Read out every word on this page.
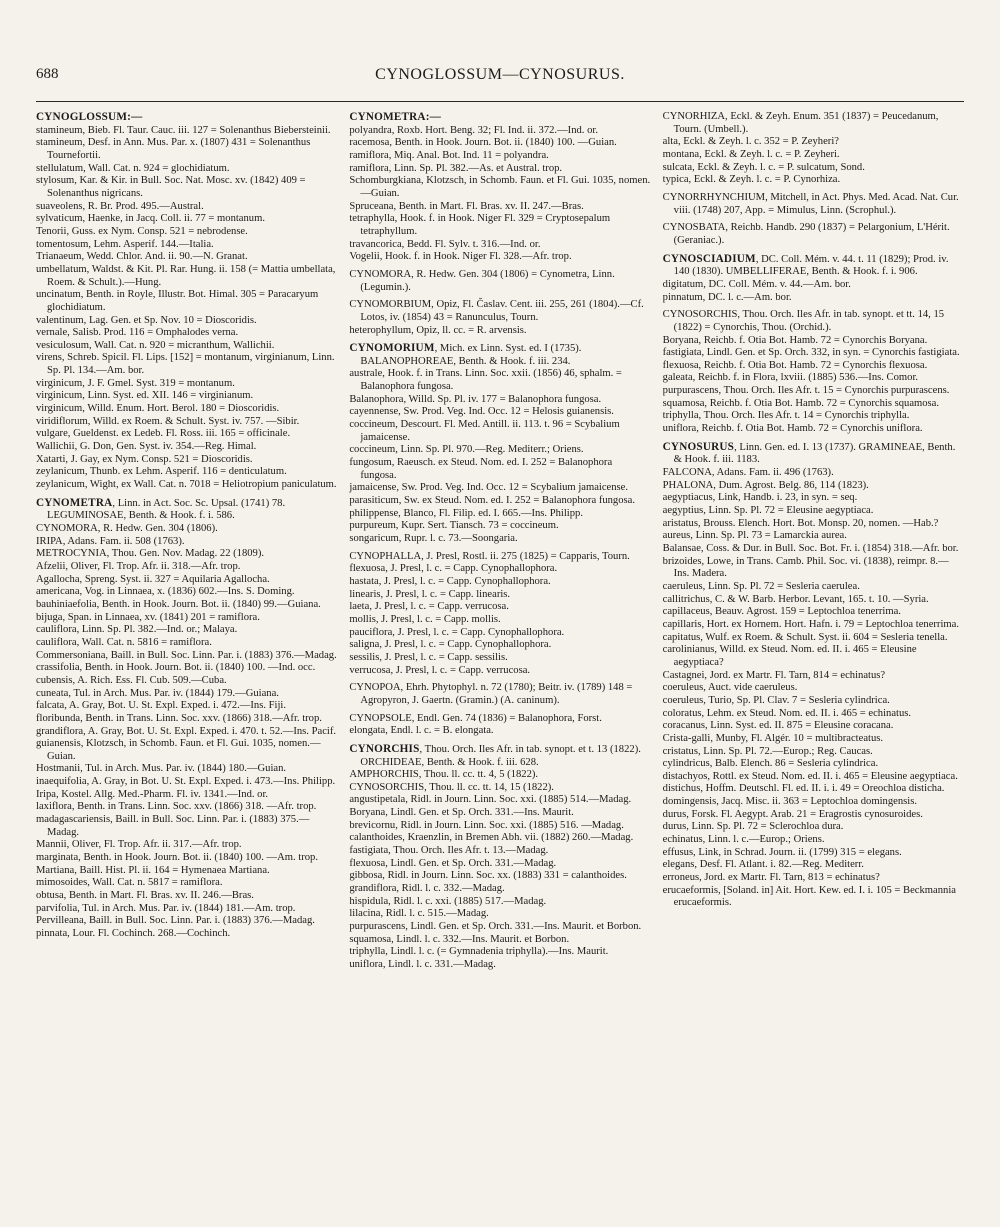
688	CYNOGLOSSUM—CYNOSURUS.

CYNOGLOSSUM:—

stamineum, Bieb. Fl. Taur. Cauc. iii. 127 = Solenanthus Biebersteinii.

stamineum, Desf. in Ann. Mus. Par. x. (1807) 431 = Solenanthus Tournefortii.

stellulatum, Wall. Cat. n. 924 = glochidiatum.

stylosum, Kar. & Kir. in Bull. Soc. Nat. Mosc. xv. (1842) 409 = Solenanthus nigricans.

suaveolens, R. Br. Prod. 495.—Austral.

sylvaticum, Haenke, in Jacq. Coll. ii. 77 = montanum.

Tenorii, Guss. ex Nym. Consp. 521 = nebrodense.

tomentosum, Lehm. Asperif. 144.—Italia.

Trianaeum, Wedd. Chlor. And. ii. 90.—N. Granat.

umbellatum, Waldst. & Kit. Pl. Rar. Hung. ii. 158 (= Mattia umbellata, Roem. & Schult.).—Hung.

uncinatum, Benth. in Royle, Illustr. Bot. Himal. 305 = Paracaryum glochidiatum.

valentinum, Lag. Gen. et Sp. Nov. 10 = Dioscoridis.

vernale, Salisb. Prod. 116 = Omphalodes verna.

vesiculosum, Wall. Cat. n. 920 = micranthum, Wallichii.

virens, Schreb. Spicil. Fl. Lips. [152] = montanum, virginianum, Linn. Sp. Pl. 134.—Am. bor.

virginicum, J. F. Gmel. Syst. 319 = montanum.

virginicum, Linn. Syst. ed. XII. 146 = virginianum.

virginicum, Willd. Enum. Hort. Berol. 180 = Dioscoridis.

viridiflorum, Willd. ex Roem. & Schult. Syst. iv. 757. —Sibir.

vulgare, Gueldenst. ex Ledeb. Fl. Ross. iii. 165 = officinale.

Wallichii, G. Don, Gen. Syst. iv. 354.—Reg. Himal.

Xatarti, J. Gay, ex Nym. Consp. 521 = Dioscoridis.

zeylanicum, Thunb. ex Lehm. Asperif. 116 = denticulatum.

zeylanicum, Wight, ex Wall. Cat. n. 7018 = Heliotropium paniculatum.

CYNOMETRA, Linn. in Act. Soc. Sc. Upsal. (1741) 78. LEGUMINOSAE, Benth. & Hook. f. i. 586.

CYNOMORA, R. Hedw. Gen. 304 (1806).

IRIPA, Adans. Fam. ii. 508 (1763).

METROCYNIA, Thou. Gen. Nov. Madag. 22 (1809).

Afzelii, Oliver, Fl. Trop. Afr. ii. 318.—Afr. trop.

Agallocha, Spreng. Syst. ii. 327 = Aquilaria Agallocha.

americana, Vog. in Linnaea, x. (1836) 602.—Ins. S. Doming.

bauhiniaefolia, Benth. in Hook. Journ. Bot. ii. (1840) 99.—Guiana.

bijuga, Span. in Linnaea, xv. (1841) 201 = ramiflora.

cauliflora, Linn. Sp. Pl. 382.—Ind. or.; Malaya.

cauliflora, Wall. Cat. n. 5816 = ramiflora.

Commersoniana, Baill. in Bull. Soc. Linn. Par. i. (1883) 376.—Madag.

crassifolia, Benth. in Hook. Journ. Bot. ii. (1840) 100. —Ind. occ.

cubensis, A. Rich. Ess. Fl. Cub. 509.—Cuba.

cuneata, Tul. in Arch. Mus. Par. iv. (1844) 179.—Guiana.

falcata, A. Gray, Bot. U. St. Expl. Exped. i. 472.—Ins. Fiji.

floribunda, Benth. in Trans. Linn. Soc. xxv. (1866) 318.—Afr. trop.

grandiflora, A. Gray, Bot. U. St. Expl. Exped. i. 470. t. 52.—Ins. Pacif.

guianensis, Klotzsch, in Schomb. Faun. et Fl. Gui. 1035, nomen.—Guian.

Hostmanii, Tul. in Arch. Mus. Par. iv. (1844) 180.—Guian.

inaequifolia, A. Gray, in Bot. U. St. Expl. Exped. i. 473.—Ins. Philipp.

Iripa, Kostel. Allg. Med.-Pharm. Fl. iv. 1341.—Ind. or.

laxiflora, Benth. in Trans. Linn. Soc. xxv. (1866) 318. —Afr. trop.

madagascariensis, Baill. in Bull. Soc. Linn. Par. i. (1883) 375.—Madag.

Mannii, Oliver, Fl. Trop. Afr. ii. 317.—Afr. trop.

marginata, Benth. in Hook. Journ. Bot. ii. (1840) 100. —Am. trop.

Martiana, Baill. Hist. Pl. ii. 164 = Hymenaea Martiana.

mimosoides, Wall. Cat. n. 5817 = ramiflora.

obtusa, Benth. in Mart. Fl. Bras. xv. II. 246.—Bras.

parvifolia, Tul. in Arch. Mus. Par. iv. (1844) 181.—Am. trop.

Pervilleana, Baill. in Bull. Soc. Linn. Par. i. (1883) 376.—Madag.

pinnata, Lour. Fl. Cochinch. 268.—Cochinch.

CYNOMETRA:—

polyandra, Roxb. Hort. Beng. 32; Fl. Ind. ii. 372.—Ind. or.

racemosa, Benth. in Hook. Journ. Bot. ii. (1840) 100. —Guian.

ramiflora, Miq. Anal. Bot. Ind. 11 = polyandra.

ramiflora, Linn. Sp. Pl. 382.—As. et Austral. trop.

Schomburgkiana, Klotzsch, in Schomb. Faun. et Fl. Gui. 1035, nomen.—Guian.

Spruceana, Benth. in Mart. Fl. Bras. xv. II. 247.—Bras.

tetraphylla, Hook. f. in Hook. Niger Fl. 329 = Cryptosepalum tetraphyllum.

travancorica, Bedd. Fl. Sylv. t. 316.—Ind. or.

Vogelii, Hook. f. in Hook. Niger Fl. 328.—Afr. trop.

CYNOMORA, R. Hedw. Gen. 304 (1806) = Cynometra, Linn. (Legumin.).

CYNOMORBIUM, Opiz, Fl. Časlav. Cent. iii. 255, 261 (1804).—Cf. Lotos, iv. (1854) 43 = Ranunculus, Tourn.

heterophyllum, Opiz, ll. cc. = R. arvensis.

CYNOMORIUM, Mich. ex Linn. Syst. ed. I (1735). BALANOPHOREAE, Benth. & Hook. f. iii. 234.

australe, Hook. f. in Trans. Linn. Soc. xxii. (1856) 46, sphalm. = Balanophora fungosa.

Balanophora, Willd. Sp. Pl. iv. 177 = Balanophora fungosa.

cayennense, Sw. Prod. Veg. Ind. Occ. 12 = Helosis guianensis.

coccineum, Descourt. Fl. Med. Antill. ii. 113. t. 96 = Scybalium jamaicense.

coccineum, Linn. Sp. Pl. 970.—Reg. Mediterr.; Oriens.

fungosum, Raeusch. ex Steud. Nom. ed. I. 252 = Balanophora fungosa.

jamaicense, Sw. Prod. Veg. Ind. Occ. 12 = Scybalium jamaicense.

parasiticum, Sw. ex Steud. Nom. ed. I. 252 = Balanophora fungosa.

philippense, Blanco, Fl. Filip. ed. I. 665.—Ins. Philipp.

purpureum, Kupr. Sert. Tiansch. 73 = coccineum.

songaricum, Rupr. l. c. 73.—Soongaria.

CYNOPHALLA, J. Presl, Rostl. ii. 275 (1825) = Capparis, Tourn.

flexuosa, J. Presl, l. c. = Capp. Cynophallophora.

hastata, J. Presl, l. c. = Capp. Cynophallophora.

linearis, J. Presl, l. c. = Capp. linearis.

laeta, J. Presl, l. c. = Capp. verrucosa.

mollis, J. Presl, l. c. = Capp. mollis.

pauciflora, J. Presl, l. c. = Capp. Cynophallophora.

saligna, J. Presl, l. c. = Capp. Cynophallophora.

sessilis, J. Presl, l. c. = Capp. sessilis.

verrucosa, J. Presl, l. c. = Capp. verrucosa.

CYNOPOA, Ehrh. Phytophyl. n. 72 (1780); Beitr. iv. (1789) 148 = Agropyron, J. Gaertn. (Gramin.) (A. caninum).

CYNOPSOLE, Endl. Gen. 74 (1836) = Balanophora, Forst.

elongata, Endl. l. c. = B. elongata.

CYNORCHIS, Thou. Orch. Iles Afr. in tab. synopt. et t. 13 (1822). ORCHIDEAE, Benth. & Hook. f. iii. 628.

AMPHORCHIS, Thou. ll. cc. tt. 4, 5 (1822).

CYNOSORCHIS, Thou. ll. cc. tt. 14, 15 (1822).

angustipetala, Ridl. in Journ. Linn. Soc. xxi. (1885) 514.—Madag.

Boryana, Lindl. Gen. et Sp. Orch. 331.—Ins. Maurit.

brevicornu, Ridl. in Journ. Linn. Soc. xxi. (1885) 516. —Madag.

calanthoides, Kraenzlin, in Bremen Abh. vii. (1882) 260.—Madag.

fastigiata, Thou. Orch. Iles Afr. t. 13.—Madag.

flexuosa, Lindl. Gen. et Sp. Orch. 331.—Madag.

gibbosa, Ridl. in Journ. Linn. Soc. xx. (1883) 331 = calanthoides.

grandiflora, Ridl. l. c. 332.—Madag.

hispidula, Ridl. l. c. xxi. (1885) 517.—Madag.

lilacina, Ridl. l. c. 515.—Madag.

purpurascens, Lindl. Gen. et Sp. Orch. 331.—Ins. Maurit. et Borbon.

squamosa, Lindl. l. c. 332.—Ins. Maurit. et Borbon.

triphylla, Lindl. l. c. (= Gymnadenia triphylla).—Ins. Maurit.

uniflora, Lindl. l. c. 331.—Madag.

CYNORHIZA, Eckl. & Zeyh. Enum. 351 (1837) = Peucedanum, Tourn. (Umbell.).

alta, Eckl. & Zeyh. l. c. 352 = P. Zeyheri?

montana, Eckl. & Zeyh. l. c. = P. Zeyheri.

sulcata, Eckl. & Zeyh. l. c. = P. sulcatum, Sond.

typica, Eckl. & Zeyh. l. c. = P. Cynorhiza.

CYNORRHYNCHIUM, Mitchell, in Act. Phys. Med. Acad. Nat. Cur. viii. (1748) 207, App. = Mimulus, Linn. (Scrophul.).

CYNOSBATA, Reichb. Handb. 290 (1837) = Pelargonium, L'Hérit. (Geraniac.).

CYNOSCIADIUM, DC. Coll. Mém. v. 44. t. 11 (1829); Prod. iv. 140 (1830). UMBELLIFERAE, Benth. & Hook. f. i. 906.

digitatum, DC. Coll. Mém. v. 44.—Am. bor.

pinnatum, DC. l. c.—Am. bor.

CYNOSORCHIS, Thou. Orch. Iles Afr. in tab. synopt. et tt. 14, 15 (1822) = Cynorchis, Thou. (Orchid.).

Boryana, Reichb. f. Otia Bot. Hamb. 72 = Cynorchis Boryana.

fastigiata, Lindl. Gen. et Sp. Orch. 332, in syn. = Cynorchis fastigiata.

flexuosa, Reichb. f. Otia Bot. Hamb. 72 = Cynorchis flexuosa.

galeata, Reichb. f. in Flora, lxviii. (1885) 536.—Ins. Comor.

purpurascens, Thou. Orch. Iles Afr. t. 15 = Cynorchis purpurascens.

squamosa, Reichb. f. Otia Bot. Hamb. 72 = Cynorchis squamosa.

triphylla, Thou. Orch. Iles Afr. t. 14 = Cynorchis triphylla.

uniflora, Reichb. f. Otia Bot. Hamb. 72 = Cynorchis uniflora.

CYNOSURUS, Linn. Gen. ed. I. 13 (1737). GRAMINEAE, Benth. & Hook. f. iii. 1183.

FALCONA, Adans. Fam. ii. 496 (1763).

PHALONA, Dum. Agrost. Belg. 86, 114 (1823).

aegyptiacus, Link, Handb. i. 23, in syn. = seq.

aegyptius, Linn. Sp. Pl. 72 = Eleusine aegyptiaca.

aristatus, Brouss. Elench. Hort. Bot. Monsp. 20, nomen. —Hab.?

aureus, Linn. Sp. Pl. 73 = Lamarckia aurea.

Balansae, Coss. & Dur. in Bull. Soc. Bot. Fr. i. (1854) 318.—Afr. bor.

brizoides, Lowe, in Trans. Camb. Phil. Soc. vi. (1838), reimpr. 8.—Ins. Madera.

caeruleus, Linn. Sp. Pl. 72 = Sesleria caerulea.

callitrichus, C. & W. Barb. Herbor. Levant, 165. t. 10. —Syria.

capillaceus, Beauv. Agrost. 159 = Leptochloa tenerrima.

capillaris, Hort. ex Hornem. Hort. Hafn. i. 79 = Leptochloa tenerrima.

capitatus, Wulf. ex Roem. & Schult. Syst. ii. 604 = Sesleria tenella.

carolinianus, Willd. ex Steud. Nom. ed. II. i. 465 = Eleusine aegyptiaca?

Castagnei, Jord. ex Martr. Fl. Tarn, 814 = echinatus?

coeruleus, Auct. vide caeruleus.

coeruleus, Turio, Sp. Pl. Clav. 7 = Sesleria cylindrica.

coloratus, Lehm. ex Steud. Nom. ed. II. i. 465 = echinatus.

coracanus, Linn. Syst. ed. II. 875 = Eleusine coracana.

Crista-galli, Munby, Fl. Algér. 10 = multibracteatus.

cristatus, Linn. Sp. Pl. 72.—Europ.; Reg. Caucas.

cylindricus, Balb. Elench. 86 = Sesleria cylindrica.

distachyos, Rottl. ex Steud. Nom. ed. II. i. 465 = Eleusine aegyptiaca.

distichus, Hoffm. Deutschl. Fl. ed. II. i. i. 49 = Oreochloa disticha.

domingensis, Jacq. Misc. ii. 363 = Leptochloa domingensis.

durus, Forsk. Fl. Aegypt. Arab. 21 = Eragrostis cynosuroides.

durus, Linn. Sp. Pl. 72 = Sclerochloa dura.

echinatus, Linn. l. c.—Europ.; Oriens.

effusus, Link, in Schrad. Journ. ii. (1799) 315 = elegans.

elegans, Desf. Fl. Atlant. i. 82.—Reg. Mediterr.

erroneus, Jord. ex Martr. Fl. Tarn, 813 = echinatus?

erucaeformis, [Soland. in] Ait. Hort. Kew. ed. I. i. 105 = Beckmannia erucaeformis.
